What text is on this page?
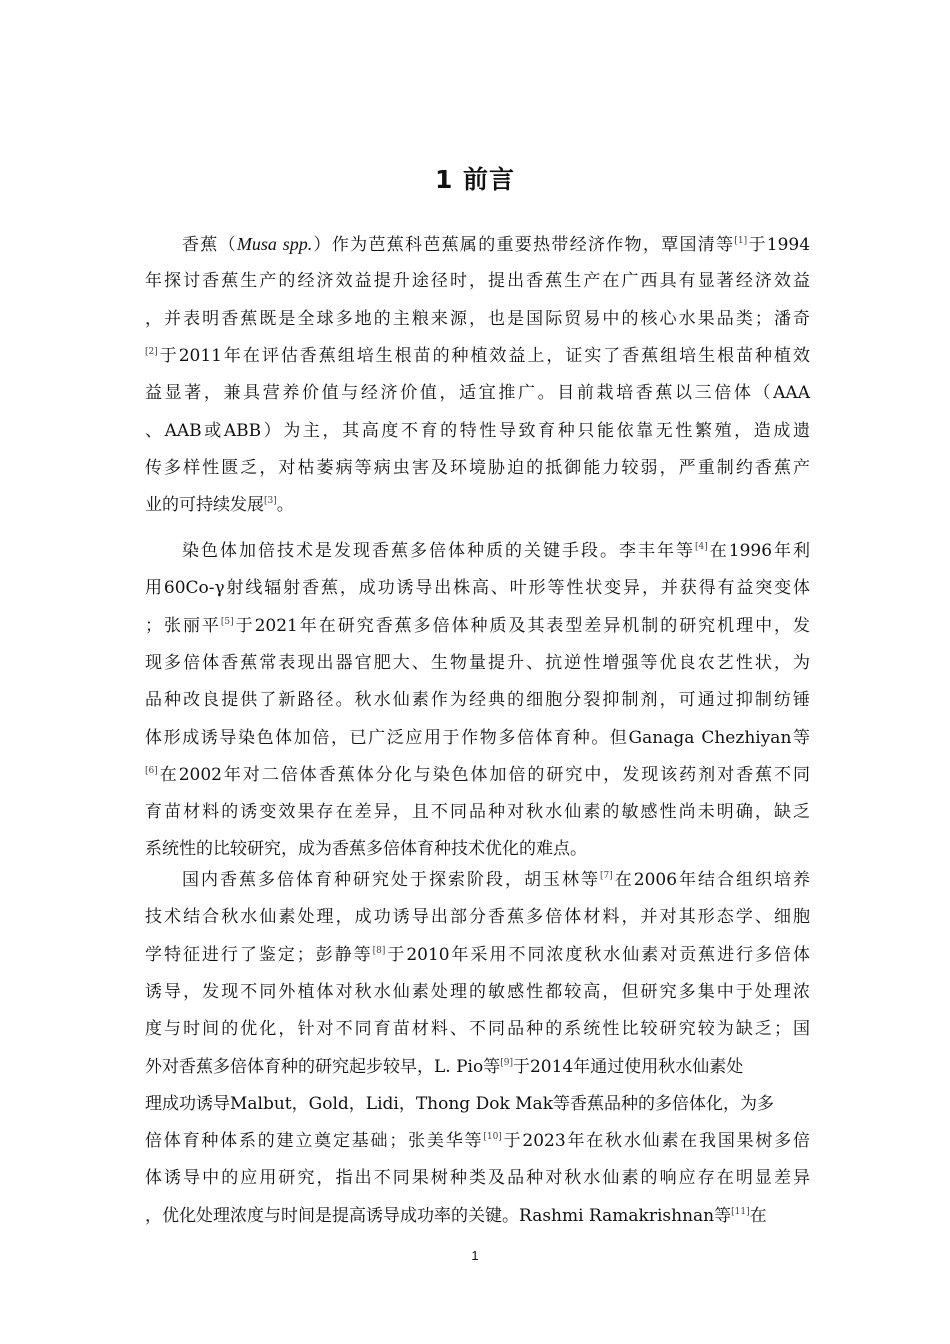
1 前言
香蕉（Musa spp.）作为芭蕉科芭蕉属的重要热带经济作物，覃国清等[1]于1994
年探讨香蕉生产的经济效益提升途径时，提出香蕉生产在广西具有显著经济效益
，并表明香蕉既是全球多地的主粮来源，也是国际贸易中的核心水果品类；潘奇
[2]于2011年在评估香蕉组培生根苗的种植效益上，证实了香蕉组培生根苗种植效
益显著，兼具营养价值与经济价值，适宜推广。目前栽培香蕉以三倍体（AAA
、AAB或ABB）为主，其高度不育的特性导致育种只能依靠无性繁殖，造成遗
传多样性匮乏，对枯萎病等病虫害及环境胁迫的抵御能力较弱，严重制约香蕉产
业的可持续发展[3]。
染色体加倍技术是发现香蕉多倍体种质的关键手段。李丰年等[4]在1996年利
用60Co-γ射线辐射香蕉，成功诱导出株高、叶形等性状变异，并获得有益突变体
；张丽平[5]于2021年在研究香蕉多倍体种质及其表型差异机制的研究机理中，发
现多倍体香蕉常表现出器官肥大、生物量提升、抗逆性增强等优良农艺性状，为
品种改良提供了新路径。秋水仙素作为经典的细胞分裂抑制剂，可通过抑制纺锤
体形成诱导染色体加倍，已广泛应用于作物多倍体育种。但Ganaga Chezhiyan等
[6]在2002年对二倍体香蕉体分化与染色体加倍的研究中，发现该药剂对香蕉不同
育苗材料的诱变效果存在差异，且不同品种对秋水仙素的敏感性尚未明确，缺乏
系统性的比较研究，成为香蕉多倍体育种技术优化的难点。
国内香蕉多倍体育种研究处于探索阶段，胡玉林等[7]在2006年结合组织培养
技术结合秋水仙素处理，成功诱导出部分香蕉多倍体材料，并对其形态学、细胞
学特征进行了鉴定；彭静等[8]于2010年采用不同浓度秋水仙素对贡蕉进行多倍体
诱导，发现不同外植体对秋水仙素处理的敏感性都较高，但研究多集中于处理浓
度与时间的优化，针对不同育苗材料、不同品种的系统性比较研究较为缺乏；国
外对香蕉多倍体育种的研究起步较早，L. Pio等[9]于2014年通过使用秋水仙素处
理成功诱导Malbut，Gold，Lidi，Thong Dok Mak等香蕉品种的多倍体化，为多
倍体育种体系的建立奠定基础；张美华等[10]于2023年在秋水仙素在我国果树多倍
体诱导中的应用研究，指出不同果树种类及品种对秋水仙素的响应存在明显差异
，优化处理浓度与时间是提高诱导成功率的关键。Rashmi Ramakrishnan等[11]在
1
